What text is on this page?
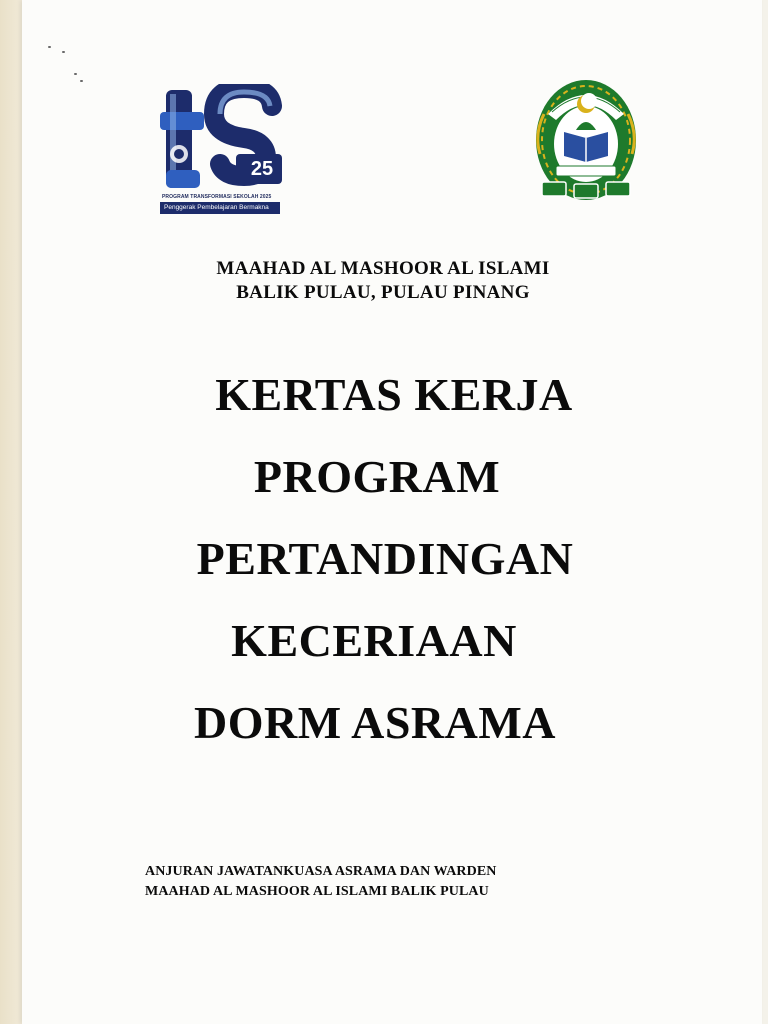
25
PROGRAM TRANSFORMASI SEKOLAH 2025
Penggerak Pembelajaran Bermakna
MAAHAD AL MASHOOR AL ISLAMI
BALIK PULAU, PULAU PINANG
KERTAS KERJA
PROGRAM
PERTANDINGAN
KECERIAAN
DORM ASRAMA
ANJURAN JAWATANKUASA ASRAMA DAN WARDEN
MAAHAD AL MASHOOR AL ISLAMI BALIK PULAU
